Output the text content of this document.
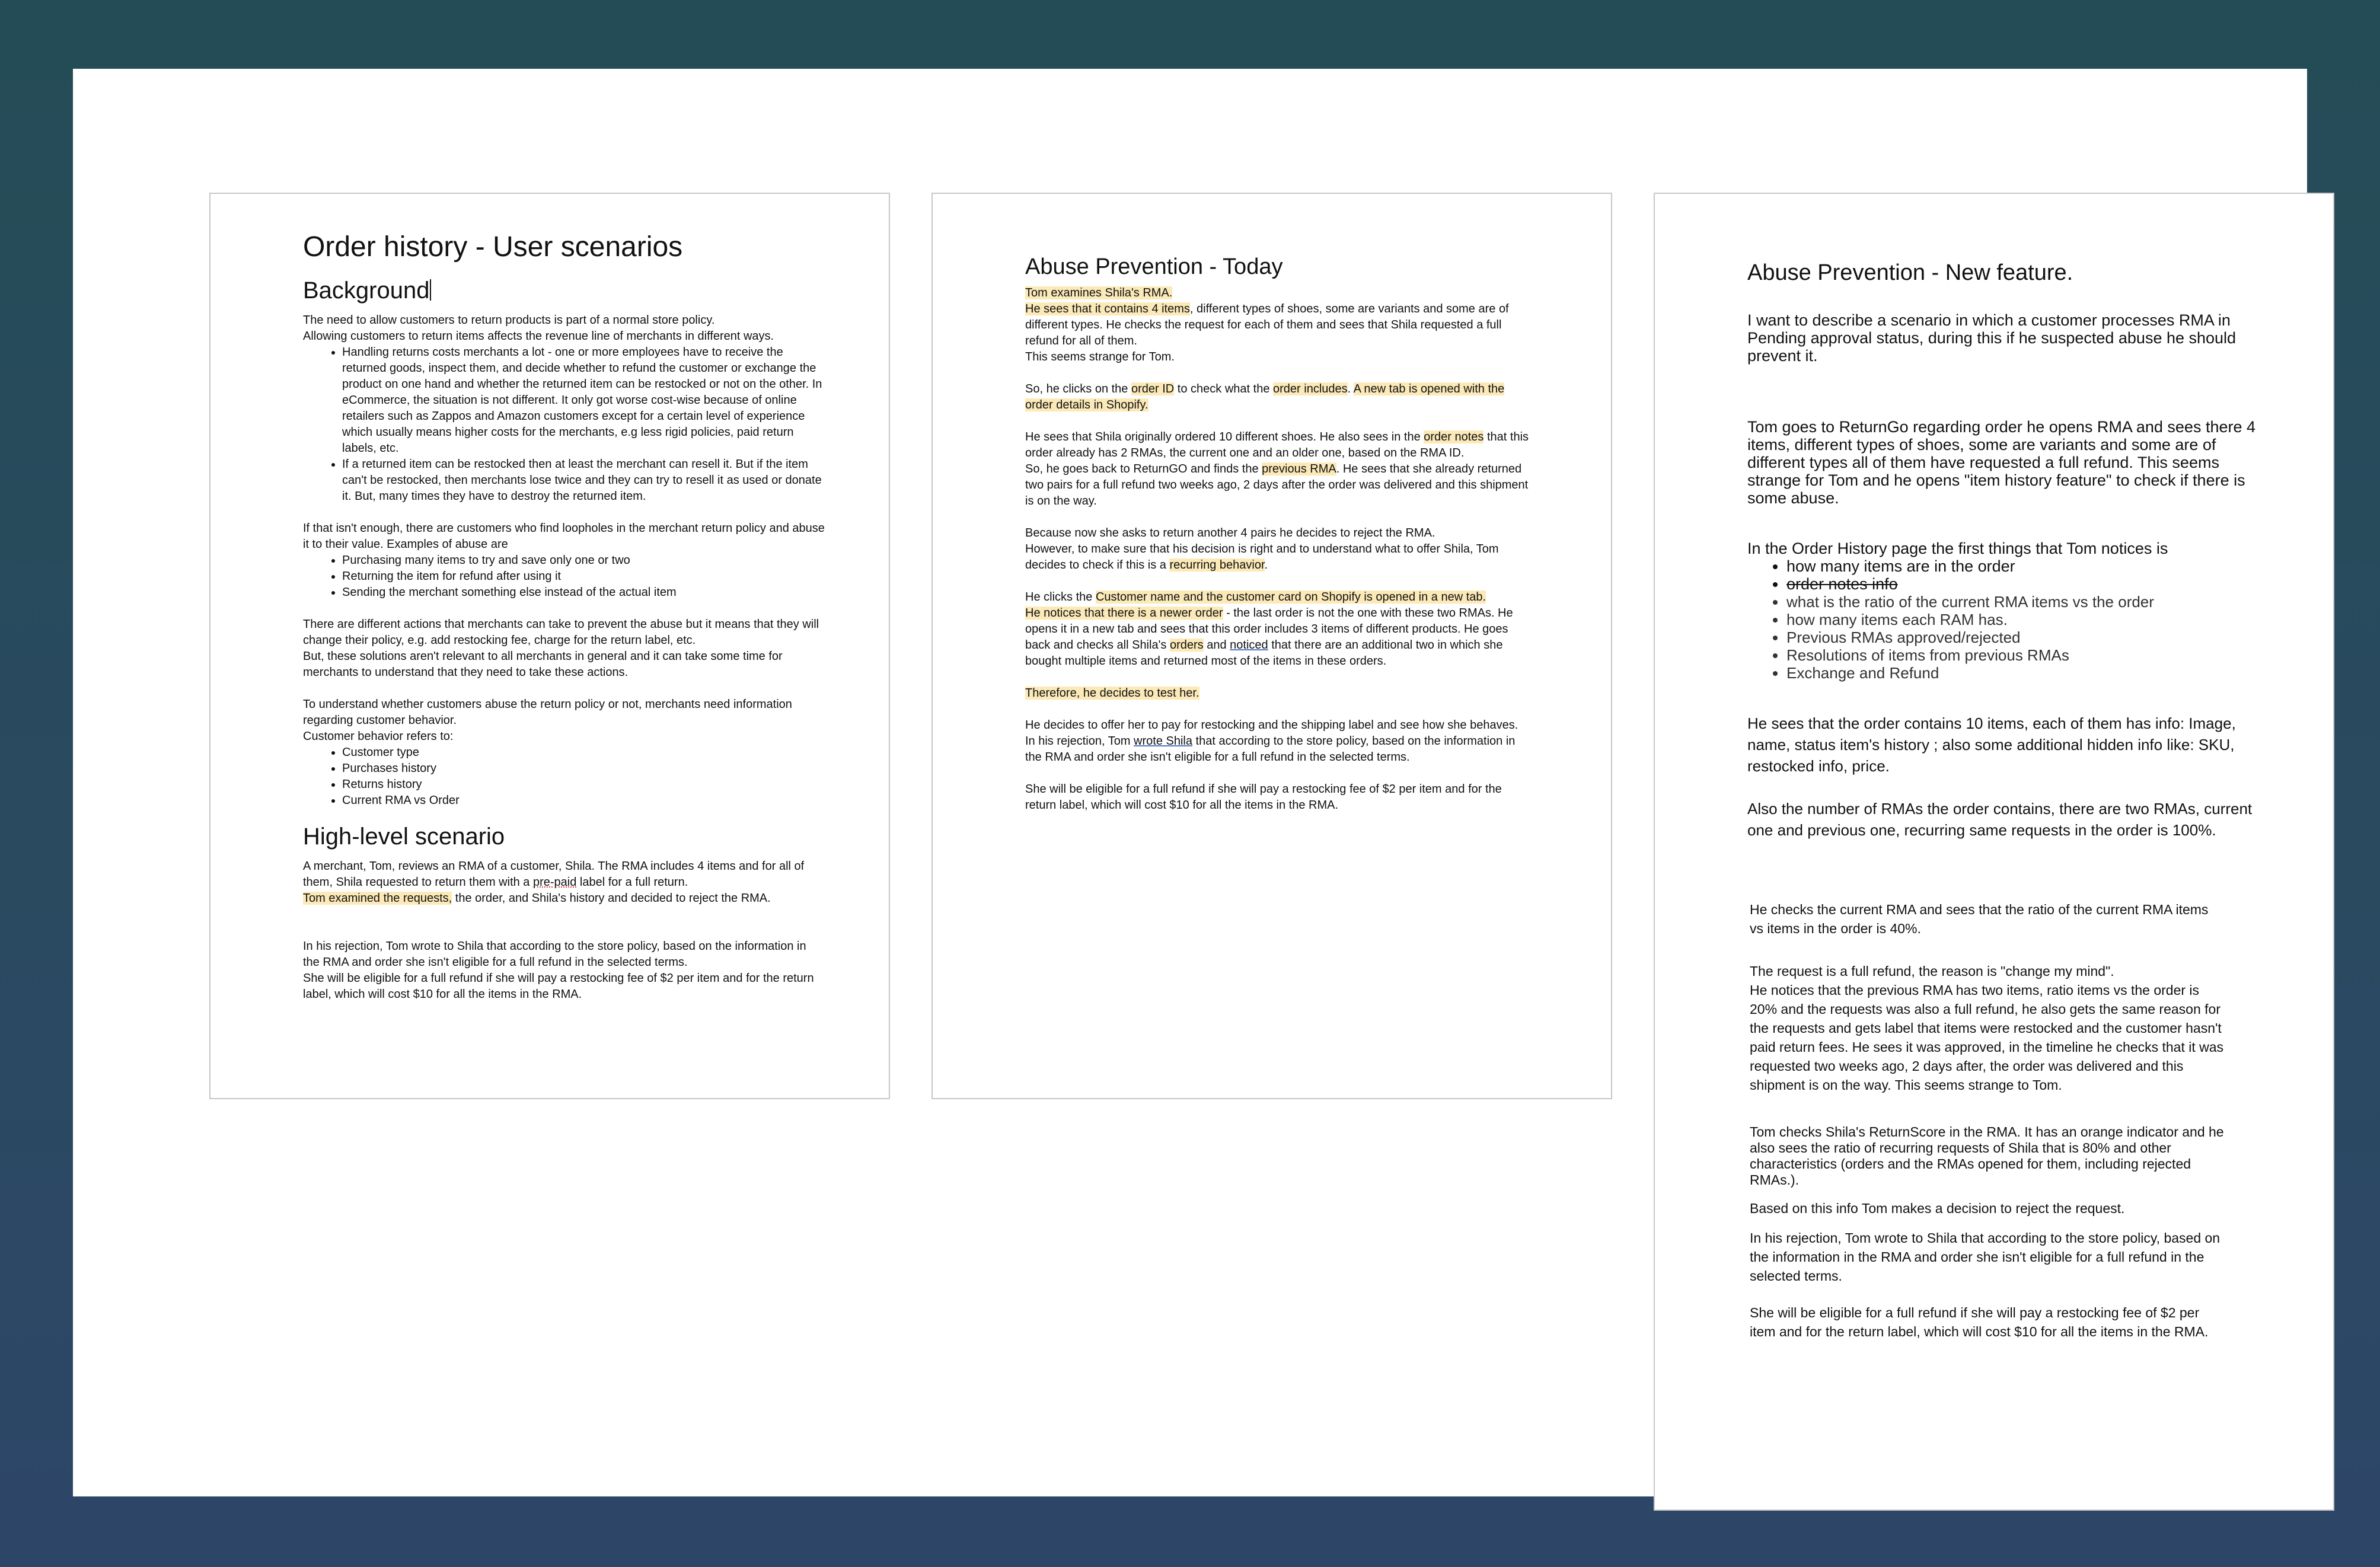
Order history - User scenarios
Background

The need to allow customers to return products is part of a normal store policy.

Allowing customers to return items affects the revenue line of merchants in different ways.

• Handling returns costs merchants a lot - one or more employees have to receive the returned goods, inspect them, and decide whether to refund the customer or exchange the product on one hand and whether the returned item can be restocked or not on the other. In eCommerce, the situation is not different. It only got worse cost-wise because of online retailers such as Zappos and Amazon customers except for a certain level of experience which usually means higher costs for the merchants, e.g less rigid policies, paid return labels, etc.
• If a returned item can be restocked then at least the merchant can resell it. But if the item can't be restocked, then merchants lose twice and they can try to resell it as used or donate it. But, many times they have to destroy the returned item.

If that isn't enough, there are customers who find loopholes in the merchant return policy and abuse it to their value. Examples of abuse are

• Purchasing many items to try and save only one or two
• Returning the item for refund after using it
• Sending the merchant something else instead of the actual item

There are different actions that merchants can take to prevent the abuse but it means that they will change their policy, e.g. add restocking fee, charge for the return label, etc.

But, these solutions aren't relevant to all merchants in general and it can take some time for merchants to understand that they need to take these actions.

To understand whether customers abuse the return policy or not, merchants need information regarding customer behavior.

Customer behavior refers to:

• Customer type
• Purchases history
• Returns history
• Current RMA vs Order
High-level scenario

A merchant, Tom, reviews an RMA of a customer, Shila. The RMA includes 4 items and for all of them, Shila requested to return them with a pre-paid label for a full return.

Tom examined the requests, the order, and Shila's history and decided to reject the RMA.

In his rejection, Tom wrote to Shila that according to the store policy, based on the information in the RMA and order she isn't eligible for a full refund in the selected terms.

She will be eligible for a full refund if she will pay a restocking fee of $2 per item and for the return label, which will cost $10 for all the items in the RMA.

Abuse Prevention - Today

Tom examines Shila's RMA.

He sees that it contains 4 items, different types of shoes, some are variants and some are of different types. He checks the request for each of them and sees that Shila requested a full refund for all of them.

This seems strange for Tom.

So, he clicks on the order ID to check what the order includes. A new tab is opened with the order details in Shopify.

He sees that Shila originally ordered 10 different shoes. He also sees in the order notes that this order already has 2 RMAs, the current one and an older one, based on the RMA ID.

So, he goes back to ReturnGO and finds the previous RMA. He sees that she already returned two pairs for a full refund two weeks ago, 2 days after the order was delivered and this shipment is on the way.

Because now she asks to return another 4 pairs he decides to reject the RMA.

However, to make sure that his decision is right and to understand what to offer Shila, Tom decides to check if this is a recurring behavior.

He clicks the Customer name and the customer card on Shopify is opened in a new tab.

He notices that there is a newer order - the last order is not the one with these two RMAs. He opens it in a new tab and sees that this order includes 3 items of different products. He goes back and checks all Shila's orders and noticed that there are an additional two in which she bought multiple items and returned most of the items in these orders.

Therefore, he decides to test her.

He decides to offer her to pay for restocking and the shipping label and see how she behaves. In his rejection, Tom wrote Shila that according to the store policy, based on the information in the RMA and order she isn't eligible for a full refund in the selected terms.

She will be eligible for a full refund if she will pay a restocking fee of $2 per item and for the return label, which will cost $10 for all the items in the RMA.

Abuse Prevention - New feature.

I want to describe a scenario in which a customer processes RMA in Pending approval status, during this if he suspected abuse he should prevent it.

Tom goes to ReturnGo regarding order he opens RMA and sees there 4 items, different types of shoes, some are variants and some are of different types all of them have requested a full refund. This seems strange for Tom and he opens "item history feature" to check if there is some abuse.

In the Order History page the first things that Tom notices is

• how many items are in the order
• order notes info
• what is the ratio of the current RMA items vs the order
• how many items each RAM has.
• Previous RMAs approved/rejected
• Resolutions of items from previous RMAs
• Exchange and Refund

He sees that the order contains 10 items, each of them has info: Image, name, status item's history ; also some additional hidden info like: SKU, restocked info, price.

Also the number of RMAs the order contains, there are two RMAs, current one and previous one, recurring same requests in the order is 100%.

He checks the current RMA and sees that the ratio of the current RMA items vs items in the order is 40%.

The request is a full refund, the reason is "change my mind".

He notices that the previous RMA has two items, ratio items vs the order is 20% and the requests was also a full refund, he also gets the same reason for the requests and gets label that items were restocked and the customer hasn't paid return fees. He sees it was approved, in the timeline he checks that it was requested two weeks ago, 2 days after, the order was delivered and this shipment is on the way. This seems strange to Tom.

Tom checks Shila's ReturnScore in the RMA. It has an orange indicator and he also sees the ratio of recurring requests of Shila that is 80% and other characteristics (orders and the RMAs opened for them, including rejected RMAs.).

Based on this info Tom makes a decision to reject the request.

In his rejection, Tom wrote to Shila that according to the store policy, based on the information in the RMA and order she isn't eligible for a full refund in the selected terms.

She will be eligible for a full refund if she will pay a restocking fee of $2 per item and for the return label, which will cost $10 for all the items in the RMA.
